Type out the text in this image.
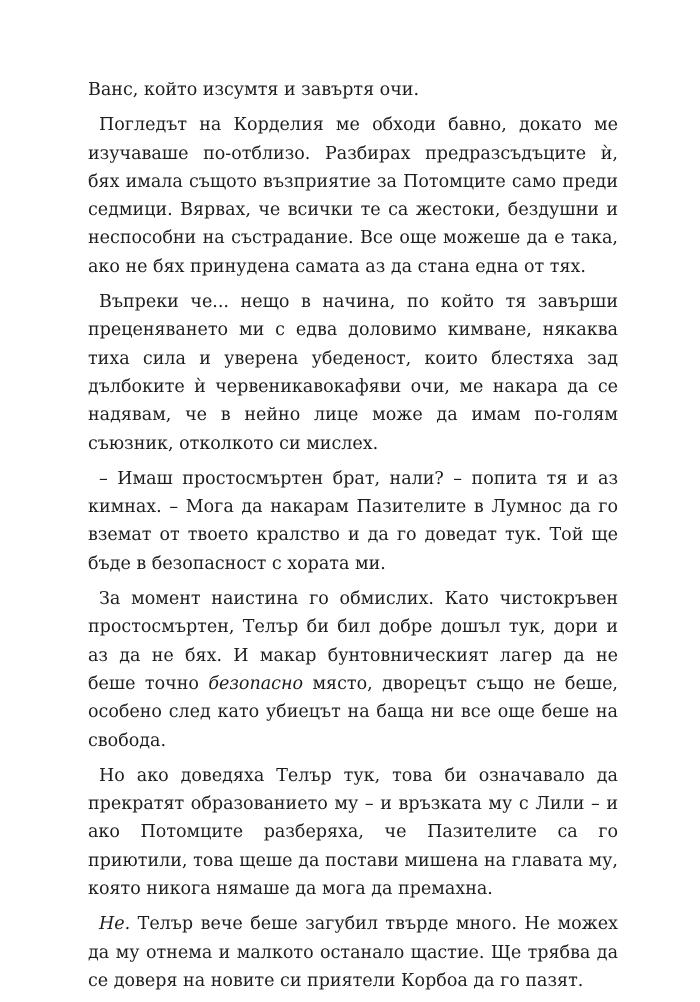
Ванс, който изсумтя и завъртя очи.

Погледът на Корделия ме обходи бавно, докато ме изучаваше по-отблизо. Разбирах предразсъдъците ѝ, бях имала същото възприятие за Потомците само преди седмици. Вярвах, че всички те са жестоки, бездушни и неспособни на състрадание. Все още можеше да е така, ако не бях принудена самата аз да стана една от тях.

Въпреки че... нещо в начина, по който тя завърши преценяването ми с едва доловимо кимване, някаква тиха сила и уверена убеденост, които блестяха зад дълбоките ѝ червеникавокафяви очи, ме накара да се надявам, че в нейно лице може да имам по-голям съюзник, отколкото си мислех.

– Имаш простосмъртен брат, нали? – попита тя и аз кимнах. – Мога да накарам Пазителите в Лумнос да го вземат от твоето кралство и да го доведат тук. Той ще бъде в безопасност с хората ми.

За момент наистина го обмислих. Като чистокръвен простосмъртен, Телър би бил добре дошъл тук, дори и аз да не бях. И макар бунтовническият лагер да не беше точно безопасно място, дворецът също не беше, особено след като убиецът на баща ни все още беше на свобода.

Но ако доведяха Телър тук, това би означавало да прекратят образованието му – и връзката му с Лили – и ако Потомците разберяха, че Пазителите са го приютили, това щеше да постави мишена на главата му, която никога нямаше да мога да премахна.

Не. Телър вече беше загубил твърде много. Не можех да му отнема и малкото останало щастие. Ще трябва да се доверя на новите си приятели Корбоа да го пазят.
